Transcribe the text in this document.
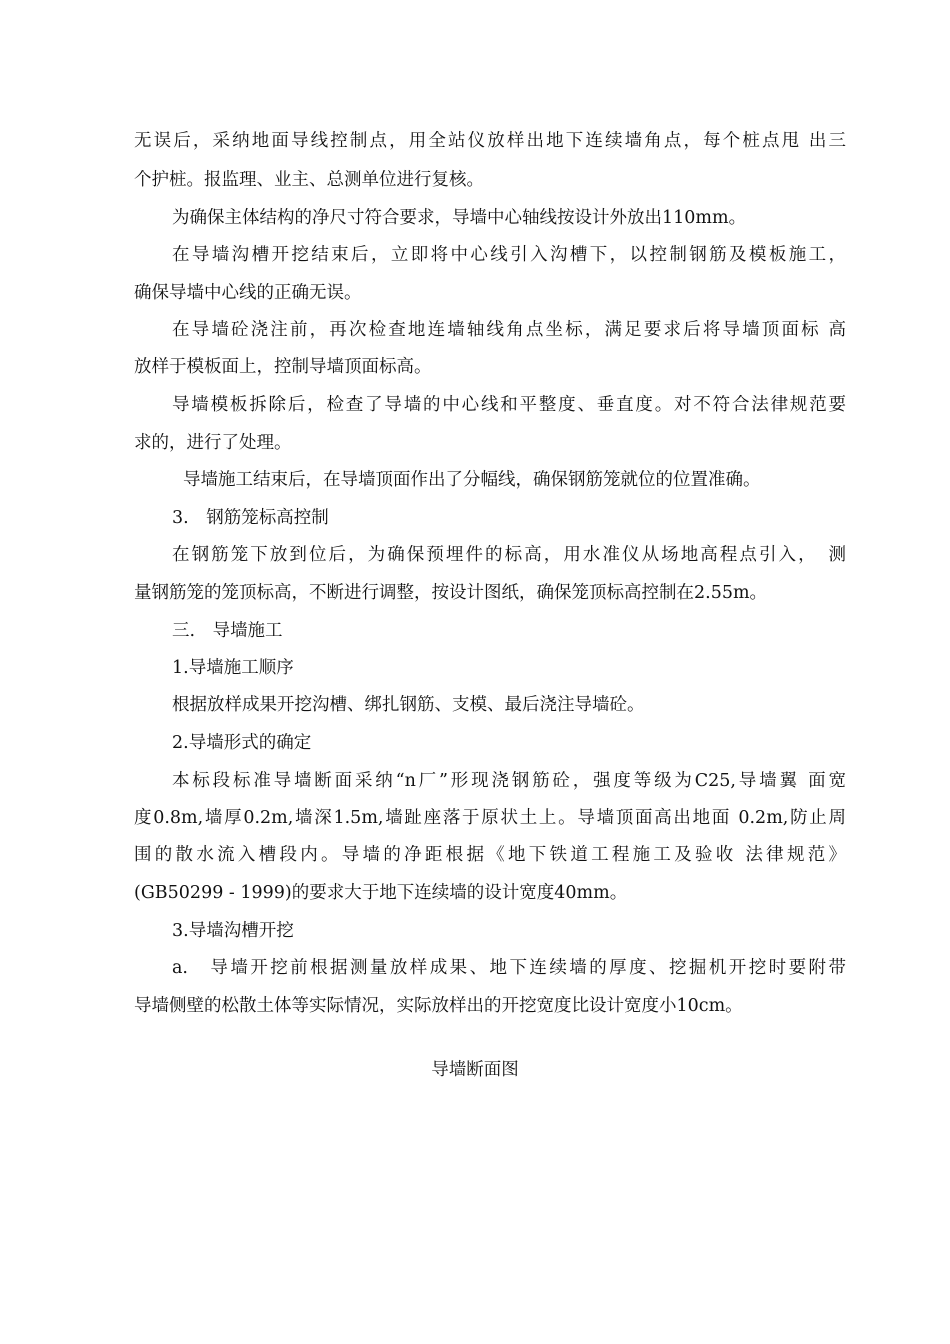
无误后，采纳地面导线控制点，用全站仪放样出地下连续墙角点，每个桩点甩 出三
个护桩。报监理、业主、总测单位进行复核。
为确保主体结构的净尺寸符合要求，导墙中心轴线按设计外放出110mm。
在导墙沟槽开挖结束后，立即将中心线引入沟槽下，以控制钢筋及模板施工，
确保导墙中心线的正确无误。
在导墙砼浇注前，再次检查地连墙轴线角点坐标，满足要求后将导墙顶面标 高
放样于模板面上，控制导墙顶面标高。
导墙模板拆除后，检查了导墙的中心线和平整度、垂直度。对不符合法律规范要
求的，进行了处理。
导墙施工结束后，在导墙顶面作出了分幅线，确保钢筋笼就位的位置准确。
3.　钢筋笼标高控制
在钢筋笼下放到位后，为确保预埋件的标高，用水准仪从场地高程点引入，　测
量钢筋笼的笼顶标高，不断进行调整，按设计图纸，确保笼顶标高控制在2.55m。
三.　导墙施工
1.导墙施工顺序
根据放样成果开挖沟槽、绑扎钢筋、支模、最后浇注导墙砼。
2.导墙形式的确定
本标段标准导墙断面采纳“n厂”形现浇钢筋砼，强度等级为C25,导墙翼 面宽
度0.8m,墙厚0.2m,墙深1.5m,墙趾座落于原状土上。导墙顶面高出地面 0.2m,防止周
围的散水流入槽段内。导墙的净距根据《地下铁道工程施工及验收 法律规范》
(GB50299 - 1999)的要求大于地下连续墙的设计宽度40mm。
3.导墙沟槽开挖
a.　导墙开挖前根据测量放样成果、地下连续墙的厚度、挖掘机开挖时要附带
导墙侧壁的松散土体等实际情况，实际放样出的开挖宽度比设计宽度小10cm。
导墙断面图
